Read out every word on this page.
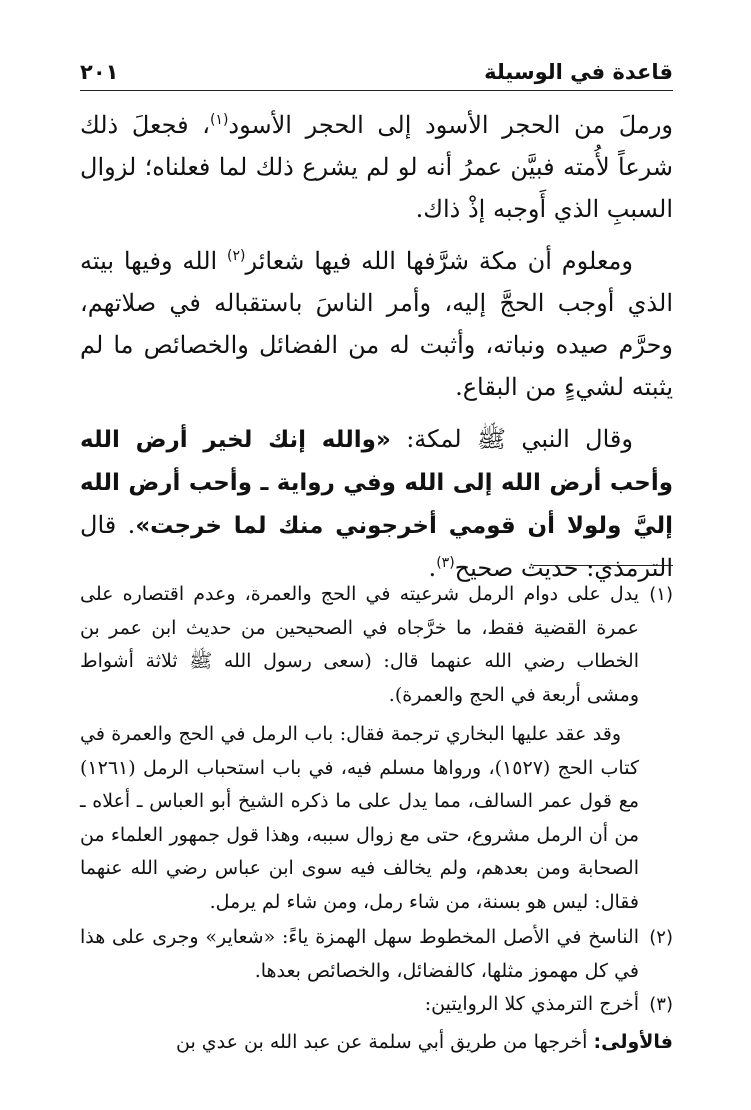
قاعدة في الوسيلة
٢٠١

ورملَ من الحجر الأسود إلى الحجر الأسود$^{(١)}$، فجعلَ ذلك شرعاً لأُمته فبيَّن عمرُ أنه لو لم يشرع ذلك لما فعلناه؛ لزوال السببِ الذي أَوجبه إذْ ذاك.

ومعلوم أن مكة شرَّفها الله فيها شعائر$^{(٢)}$ الله وفيها بيته الذي أوجب الحجَّ إليه، وأمر الناسَ باستقباله في صلاتهم، وحرَّم صيده ونباته، وأثبت له من الفضائل والخصائص ما لم يثبته لشيءٍ من البقاع.

وقال النبي ﷺ لمكة: «والله إنك لخير أرض الله وأحب أرض الله إلى الله وفي رواية ـ وأحب أرض الله إليَّ ولولا أن قومي أخرجوني منك لما خرجت». قال الترمذي: حديث صحيح$^{(٣)}$.

(١)
يدل على دوام الرمل شرعيته في الحج والعمرة، وعدم اقتصاره على عمرة القضية فقط، ما خرَّجاه في الصحيحين من حديث ابن عمر بن الخطاب رضي الله عنهما قال: (سعى رسول الله ﷺ ثلاثة أشواط ومشى أربعة في الحج والعمرة).

وقد عقد عليها البخاري ترجمة فقال: باب الرمل في الحج والعمرة في كتاب الحج (١٥٢٧)، ورواها مسلم فيه، في باب استحباب الرمل (١٢٦١) مع قول عمر السالف، مما يدل على ما ذكره الشيخ أبو العباس ـ أعلاه ـ من أن الرمل مشروع، حتى مع زوال سببه، وهذا قول جمهور العلماء من الصحابة ومن بعدهم، ولم يخالف فيه سوى ابن عباس رضي الله عنهما فقال: ليس هو بسنة، من شاء رمل، ومن شاء لم يرمل.

(٢)
الناسخ في الأصل المخطوط سهل الهمزة ياءً: «شعاير» وجرى على هذا في كل مهموز مثلها، كالفضائل، والخصائص بعدها.
(٣)
أخرج الترمذي كلا الروايتين:

فالأولى: أخرجها من طريق أبي سلمة عن عبد الله بن عدي بن
